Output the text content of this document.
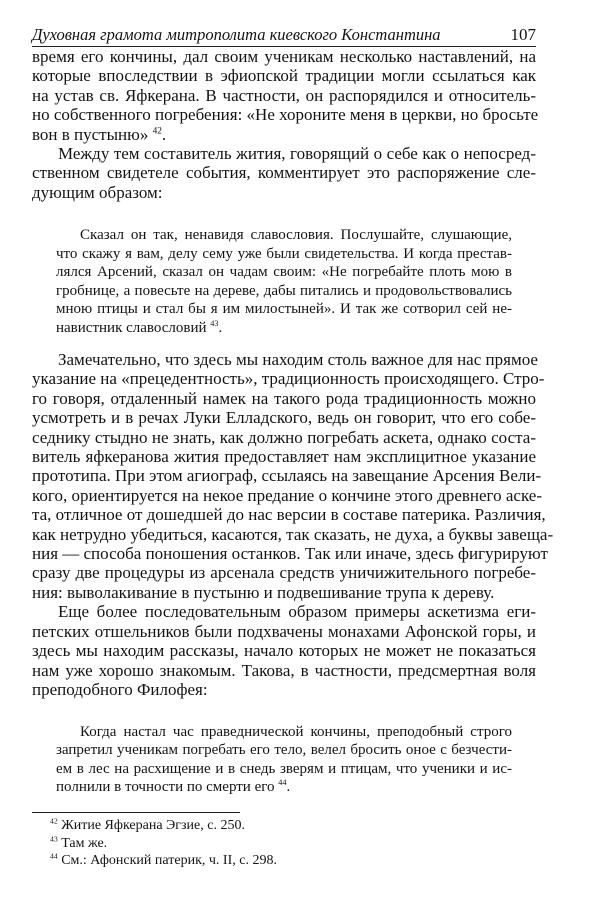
Духовная грамота митрополита киевского Константина	107
время его кончины, дал своим ученикам несколько наставлений, на
которые впоследствии в эфиопской традиции могли ссылаться как
на устав св. Яфкерана. В частности, он распорядился и относитель-
но собственного погребения: «Не хороните меня в церкви, но бросьте
вон в пустыню» $^{42}$.
Между тем составитель жития, говорящий о себе как о непосред-
ственном свидетеле события, комментирует это распоряжение сле-
дующим образом:
Сказал он так, ненавидя славословия. Послушайте, слушающие,
что скажу я вам, делу сему уже были свидетельства. И когда престав-
лялся Арсений, сказал он чадам своим: «Не погребайте плоть мою в
гробнице, а повесьте на дереве, дабы питались и продовольствовались
мною птицы и стал бы я им милостыней». И так же сотворил сей не-
навистник славословий $^{43}$.
Замечательно, что здесь мы находим столь важное для нас прямое
указание на «прецедентность», традиционность происходящего. Стро-
го говоря, отдаленный намек на такого рода традиционность можно
усмотреть и в речах Луки Елладского, ведь он говорит, что его собе-
седнику стыдно не знать, как должно погребать аскета, однако соста-
витель яфкеранова жития предоставляет нам эксплицитное указание
прототипа. При этом агиограф, ссылаясь на завещание Арсения Вели-
кого, ориентируется на некое предание о кончине этого древнего аске-
та, отличное от дошедшей до нас версии в составе патерика. Различия,
как нетрудно убедиться, касаются, так сказать, не духа, а буквы завеща-
ния — способа поношения останков. Так или иначе, здесь фигурируют
сразу две процедуры из арсенала средств уничижительного погребе-
ния: выволакивание в пустыню и подвешивание трупа к дереву.
Еще более последовательным образом примеры аскетизма еги-
петских отшельников были подхвачены монахами Афонской горы, и
здесь мы находим рассказы, начало которых не может не показаться
нам уже хорошо знакомым. Такова, в частности, предсмертная воля
преподобного Филофея:
Когда настал час праведнической кончины, преподобный строго
запретил ученикам погребать его тело, велел бросить оное с безчести-
ем в лес на расхищение и в снедь зверям и птицам, что ученики и ис-
полнили в точности по смерти его $^{44}$.
$^{42}$ Житие Яфкерана Эгзие, с. 250.
$^{43}$ Там же.
$^{44}$ См.: Афонский патерик, ч. II, с. 298.
